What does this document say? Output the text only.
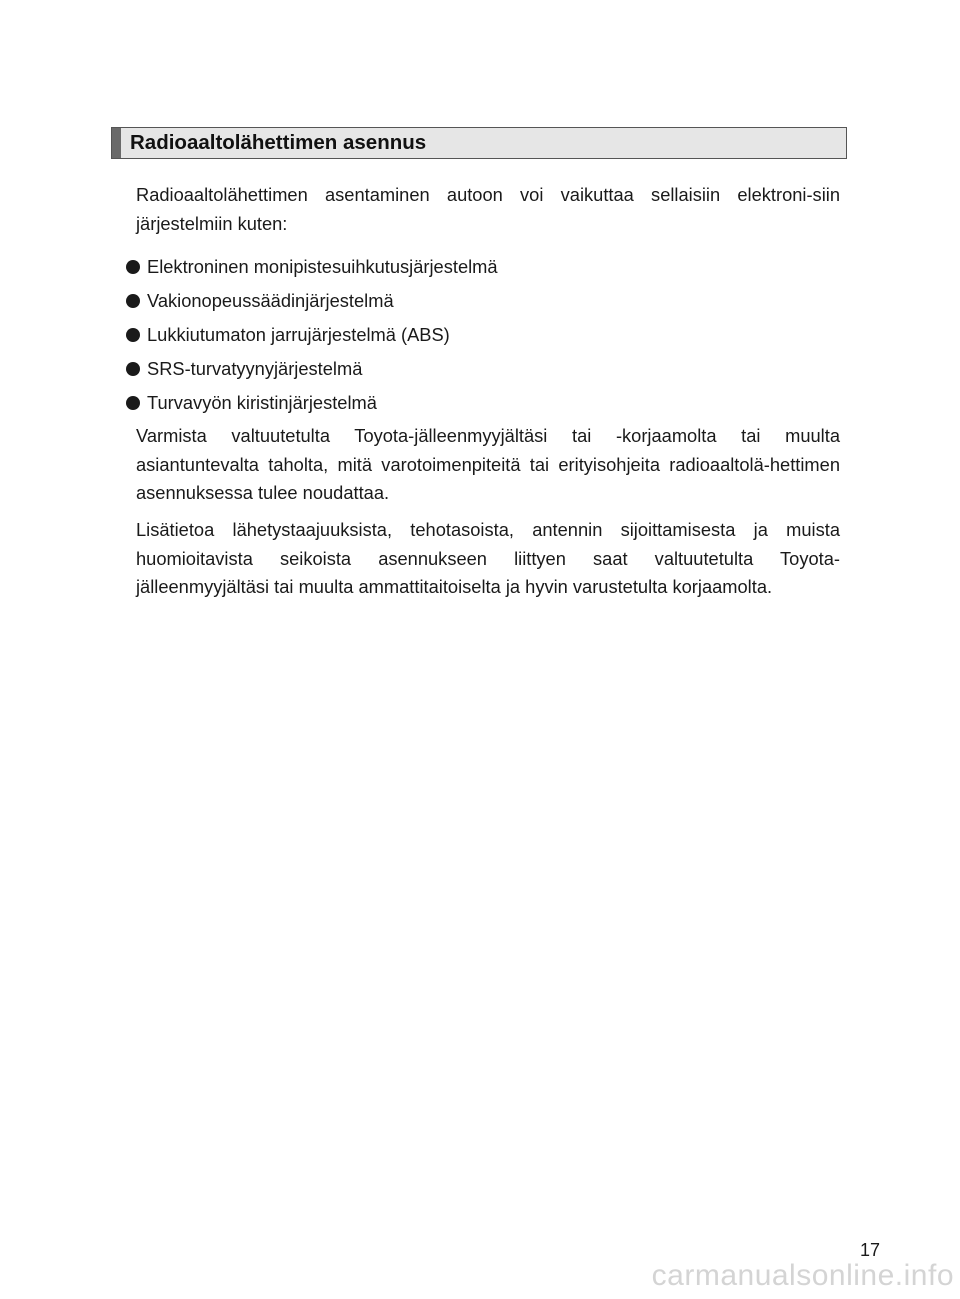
Radioaaltolähettimen asennus

Radioaaltolähettimen asentaminen autoon voi vaikuttaa sellaisiin elektroni-siin järjestelmiin kuten:

Elektroninen monipistesuihkutusjärjestelmä
Vakionopeussäädinjärjestelmä
Lukkiutumaton jarrujärjestelmä (ABS)
SRS-turvatyynyjärjestelmä
Turvavyön kiristinjärjestelmä

Varmista valtuutetulta Toyota-jälleenmyyjältäsi tai -korjaamolta tai muulta asiantuntevalta taholta, mitä varotoimenpiteitä tai erityisohjeita radioaaltolä-hettimen asennuksessa tulee noudattaa.

Lisätietoa lähetystaajuuksista, tehotasoista, antennin sijoittamisesta ja muista huomioitavista seikoista asennukseen liittyen saat valtuutetulta Toyota-jälleenmyyjältäsi tai muulta ammattitaitoiselta ja hyvin varustetulta korjaamolta.

17
carmanualsonline.info
